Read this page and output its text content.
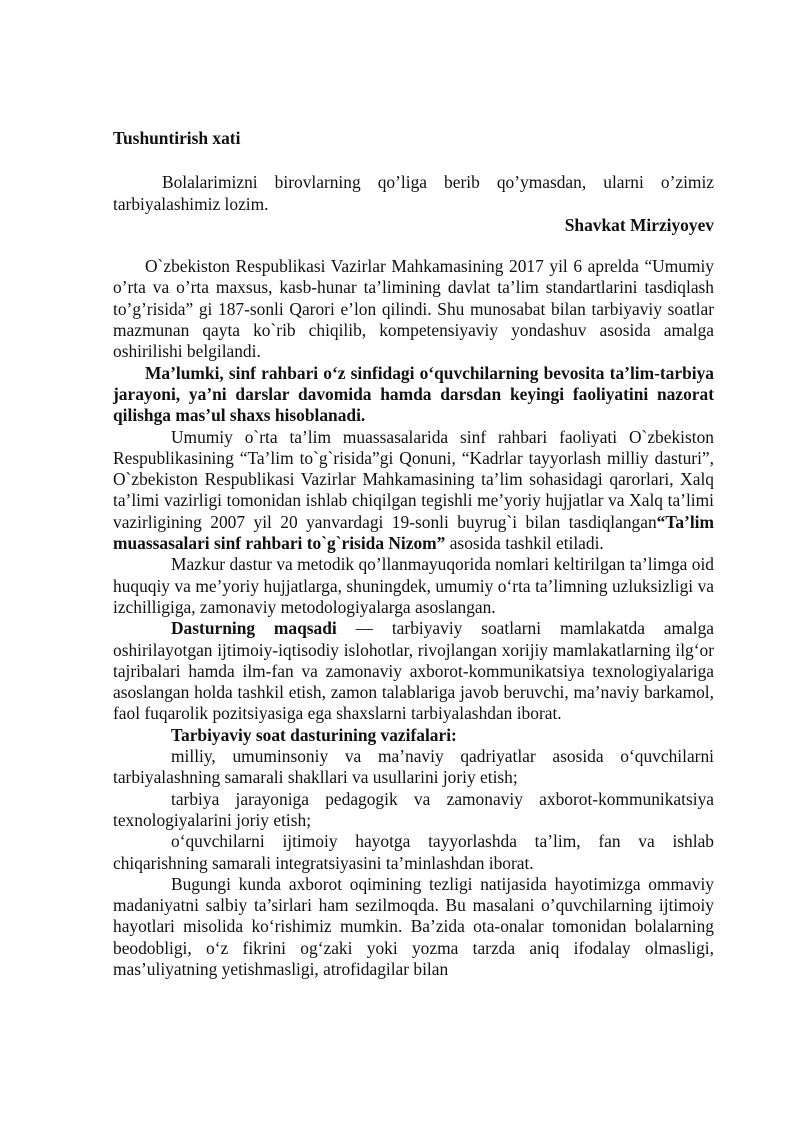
Tushuntirish xati

Bolalarimizni birovlarning qo’liga berib qo’ymasdan, ularni o’zimiz tarbiyalashimiz lozim.

Shavkat Mirziyoyev

O`zbekiston Respublikasi Vazirlar Mahkamasining 2017 yil 6 aprelda “Umumiy o’rta va o’rta maxsus, kasb-hunar ta’limining davlat ta’lim standartlarini tasdiqlash to’g’risida” gi 187-sonli Qarori e’lon qilindi. Shu munosabat bilan tarbiyaviy soatlar mazmunan qayta ko`rib chiqilib, kompetensiyaviy yondashuv asosida amalga oshirilishi belgilandi.

Ma’lumki, sinf rahbari o‘z sinfidagi o‘quvchilarning bevosita ta’lim-tarbiya jarayoni, ya’ni darslar davomida hamda darsdan keyingi faoliyatini nazorat qilishga mas’ul shaxs hisoblanadi.

Umumiy o`rta ta’lim muassasalarida sinf rahbari faoliyati O`zbekiston Respublikasining “Ta’lim to`g`risida”gi Qonuni, “Kadrlar tayyorlash milliy dasturi”, O`zbekiston Respublikasi Vazirlar Mahkamasining ta’lim sohasidagi qarorlari, Xalq ta’limi vazirligi tomonidan ishlab chiqilgan tegishli me’yoriy hujjatlar va Xalq ta’limi vazirligining 2007 yil 20 yanvardagi 19-sonli buyrug`i bilan tasdiqlangan“Ta’lim muassasalari sinf rahbari to`g`risida Nizom” asosida tashkil etiladi.

Mazkur dastur va metodik qo’llanmayuqorida nomlari keltirilgan ta’limga oid huquqiy va me’yoriy hujjatlarga, shuningdek, umumiy o‘rta ta’limning uzluksizligi va izchilligiga, zamonaviy metodologiyalarga asoslangan.

Dasturning maqsadi — tarbiyaviy soatlarni mamlakatda amalga oshirilayotgan ijtimoiy-iqtisodiy islohotlar, rivojlangan xorijiy mamlakatlarning ilg‘or tajribalari hamda ilm-fan va zamonaviy axborot-kommunikatsiya texnologiyalariga asoslangan holda tashkil etish, zamon talablariga javob beruvchi, ma’naviy barkamol, faol fuqarolik pozitsiyasiga ega shaxslarni tarbiyalashdan iborat.

Tarbiyaviy soat dasturining vazifalari:

milliy, umuminsoniy va ma’naviy qadriyatlar asosida o‘quvchilarni tarbiyalashning samarali shakllari va usullarini joriy etish;

tarbiya jarayoniga pedagogik va zamonaviy axborot-kommunikatsiya texnologiyalarini joriy etish;

o‘quvchilarni ijtimoiy hayotga tayyorlashda ta’lim, fan va ishlab chiqarishning samarali integratsiyasini ta’minlashdan iborat.

Bugungi kunda axborot oqimining tezligi natijasida hayotimizga ommaviy madaniyatni salbiy ta’sirlari ham sezilmoqda. Bu masalani o’quvchilarning ijtimoiy hayotlari misolida ko‘rishimiz mumkin. Ba’zida ota-onalar tomonidan bolalarning beodobligi, o‘z fikrini og‘zaki yoki yozma tarzda aniq ifodalay olmasligi, mas’uliyatning yetishmasligi, atrofidagilar bilan
